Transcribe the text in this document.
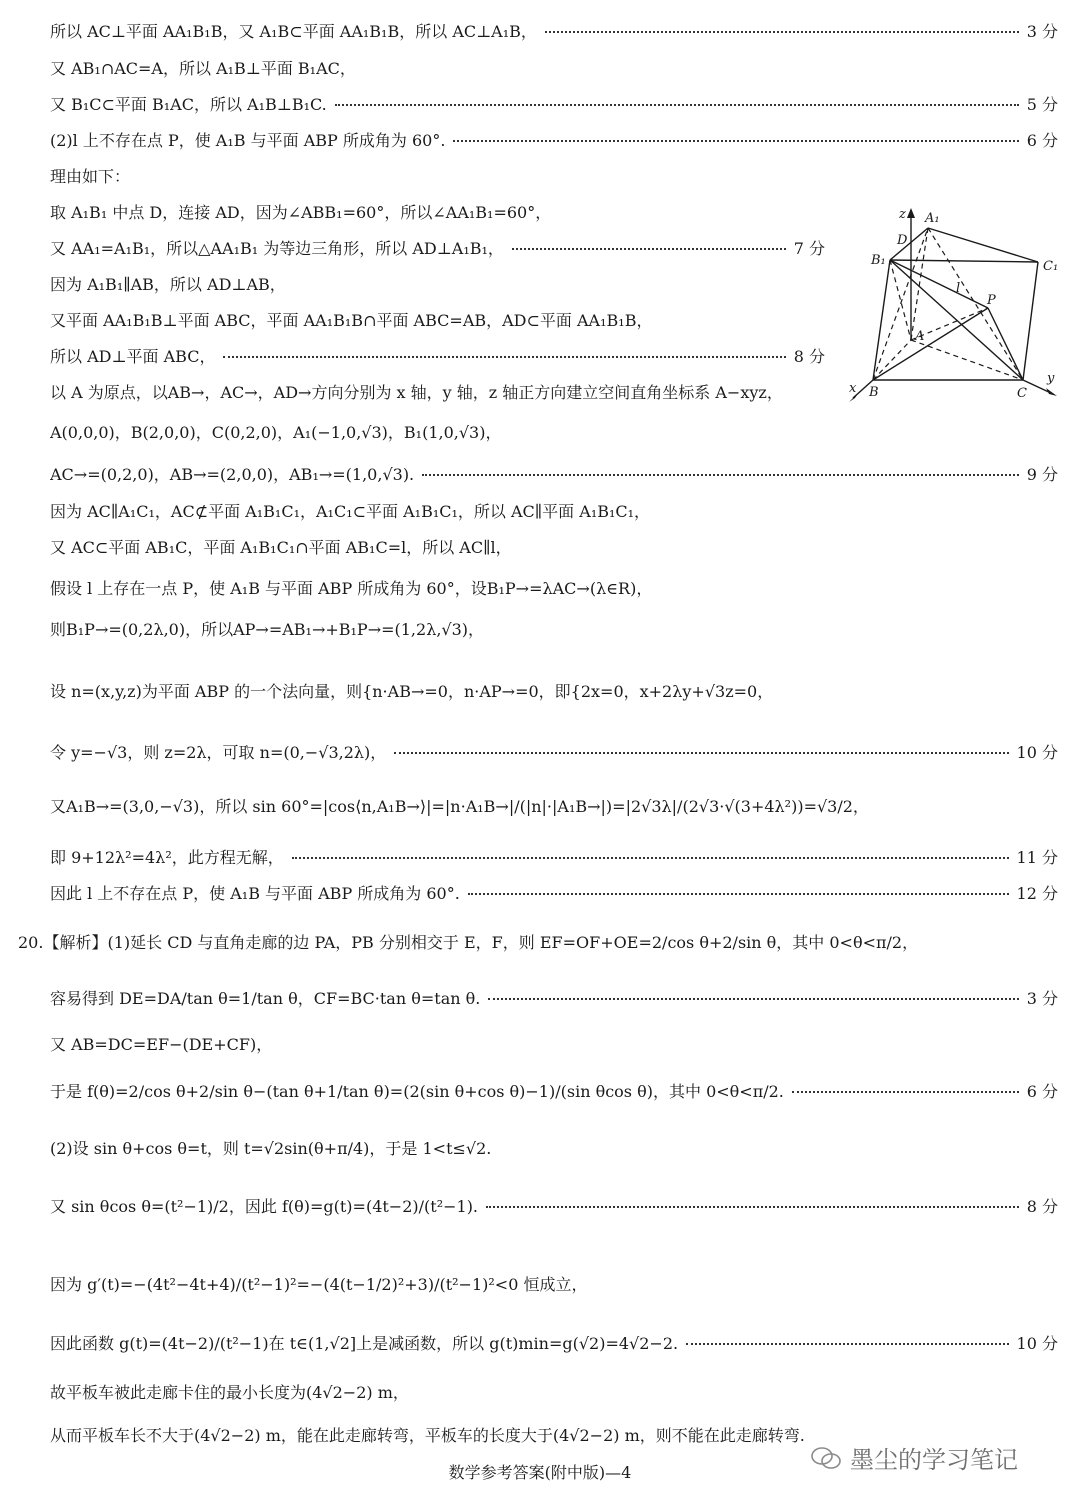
所以 AC⊥平面 AA₁B₁B，又 A₁B⊂平面 AA₁B₁B，所以 AC⊥A₁B，	3 分
又 AB₁∩AC=A，所以 A₁B⊥平面 B₁AC，
又 B₁C⊂平面 B₁AC，所以 A₁B⊥B₁C.	5 分
(2)l 上不存在点 P，使 A₁B 与平面 ABP 所成角为 60°.	6 分
理由如下：
取 A₁B₁ 中点 D，连接 AD，因为∠ABB₁=60°，所以∠AA₁B₁=60°，
又 AA₁=A₁B₁，所以△AA₁B₁ 为等边三角形，所以 AD⊥A₁B₁，	7 分
因为 A₁B₁∥AB，所以 AD⊥AB，
又平面 AA₁B₁B⊥平面 ABC，平面 AA₁B₁B∩平面 ABC=AB，AD⊂平面 AA₁B₁B，
所以 AD⊥平面 ABC，	8 分
以 A 为原点，以AB→，AC→，AD→方向分别为 x 轴，y 轴，z 轴正方向建立空间直角坐标系 A−xyz，
A(0,0,0)，B(2,0,0)，C(0,2,0)，A₁(−1,0,√3)，B₁(1,0,√3)，
AC→=(0,2,0)，AB→=(2,0,0)，AB₁→=(1,0,√3).	9 分
因为 AC∥A₁C₁，AC⊄平面 A₁B₁C₁，A₁C₁⊂平面 A₁B₁C₁，所以 AC∥平面 A₁B₁C₁，
又 AC⊂平面 AB₁C，平面 A₁B₁C₁∩平面 AB₁C=l，所以 AC∥l，
假设 l 上存在一点 P，使 A₁B 与平面 ABP 所成角为 60°，设B₁P→=λAC→(λ∈R)，
则B₁P→=(0,2λ,0)，所以AP→=AB₁→+B₁P→=(1,2λ,√3)，
设 n=(x,y,z)为平面 ABP 的一个法向量，则{n·AB→=0，n·AP→=0，即{2x=0，x+2λy+√3z=0，
令 y=−√3，则 z=2λ，可取 n=(0,−√3,2λ)，	10 分
又A₁B→=(3,0,−√3)，所以 sin 60°=|cos⟨n,A₁B→⟩|=|n·A₁B→|/(|n|·|A₁B→|)=|2√3λ|/(2√3·√(3+4λ²))=√3/2，
即 9+12λ²=4λ²，此方程无解，	11 分
因此 l 上不存在点 P，使 A₁B 与平面 ABP 所成角为 60°.	12 分
20.【解析】(1)延长 CD 与直角走廊的边 PA，PB 分别相交于 E，F，则 EF=OF+OE=2/cos θ+2/sin θ，其中 0<θ<π/2，
容易得到 DE=DA/tan θ=1/tan θ，CF=BC·tan θ=tan θ.	3 分
又 AB=DC=EF−(DE+CF)，
于是 f(θ)=2/cos θ+2/sin θ−(tan θ+1/tan θ)=(2(sin θ+cos θ)−1)/(sin θcos θ)，其中 0<θ<π/2.	6 分
(2)设 sin θ+cos θ=t，则 t=√2sin(θ+π/4)，于是 1<t≤√2.
又 sin θcos θ=(t²−1)/2，因此 f(θ)=g(t)=(4t−2)/(t²−1).	8 分
因为 g′(t)=−(4t²−4t+4)/(t²−1)²=−(4(t−1/2)²+3)/(t²−1)²<0 恒成立，
因此函数 g(t)=(4t−2)/(t²−1)在 t∈(1,√2]上是减函数，所以 g(t)min=g(√2)=4√2−2.	10 分
故平板车被此走廊卡住的最小长度为(4√2−2) m，
从而平板车长不大于(4√2−2) m，能在此走廊转弯，平板车的长度大于(4√2−2) m，则不能在此走廊转弯.
z A₁
D
B₁	C₁
l
P
A
x B	C
y
墨尘的学习笔记
数学参考答案(附中版)—4
